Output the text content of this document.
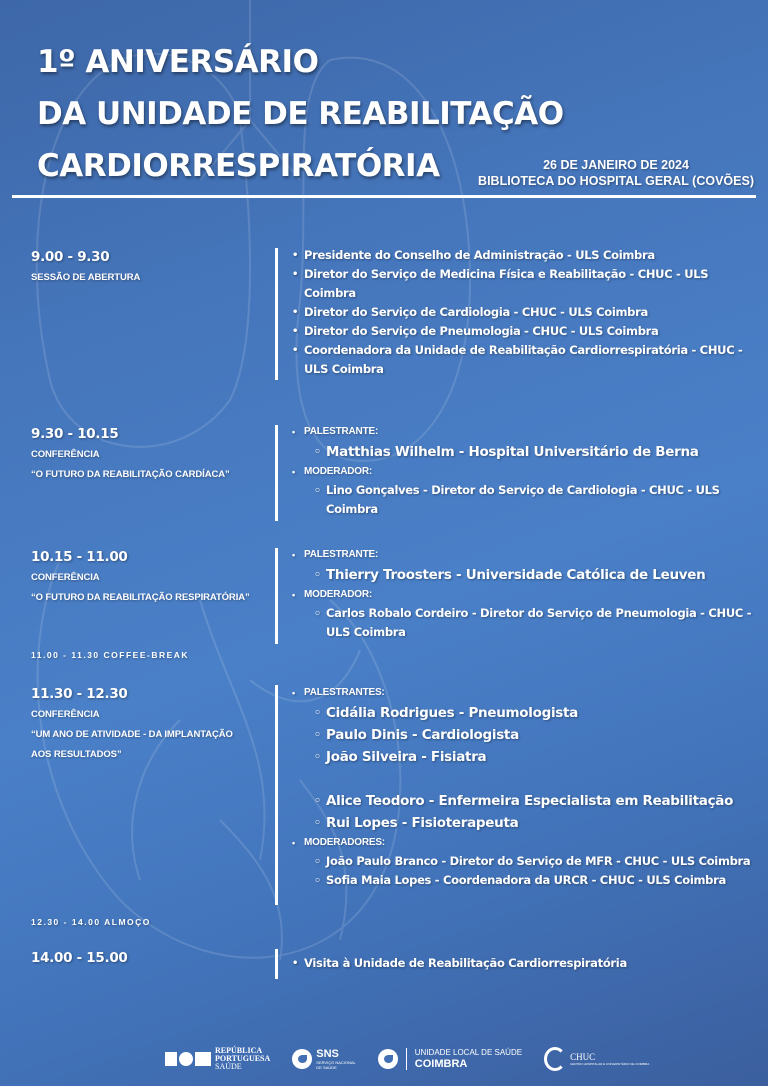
1º ANIVERSÁRIO
DA UNIDADE DE REABILITAÇÃO
CARDIORRESPIRATÓRIA	26 DE JANEIRO DE 2024
BIBLIOTECA DO HOSPITAL GERAL (COVÕES)
9.00 - 9.30
SESSÃO DE ABERTURA
• Presidente do Conselho de Administração - ULS Coimbra
• Diretor do Serviço de Medicina Física e Reabilitação - CHUC - ULS Coimbra
• Diretor do Serviço de Cardiologia - CHUC - ULS Coimbra
• Diretor do Serviço de Pneumologia - CHUC - ULS Coimbra
• Coordenadora da Unidade de Reabilitação Cardiorrespiratória - CHUC - ULS Coimbra
9.30 - 10.15
CONFERÊNCIA
“O FUTURO DA REABILITAÇÃO CARDÍACA”
• PALESTRANTE:
◦ Matthias Wilhelm - Hospital Universitário de Berna
• MODERADOR:
◦ Lino Gonçalves - Diretor do Serviço de Cardiologia - CHUC - ULS Coimbra
10.15 - 11.00
CONFERÊNCIA
“O FUTURO DA REABILITAÇÃO RESPIRATÓRIA”
• PALESTRANTE:
◦ Thierry Troosters - Universidade Católica de Leuven
• MODERADOR:
◦ Carlos Robalo Cordeiro - Diretor do Serviço de Pneumologia - CHUC - ULS Coimbra
11.00 - 11.30 COFFEE-BREAK
11.30 - 12.30
CONFERÊNCIA
“UM ANO DE ATIVIDADE - DA IMPLANTAÇÃO
AOS RESULTADOS”
• PALESTRANTES:
◦ Cidália Rodrigues - Pneumologista
◦ Paulo Dinis - Cardiologista
◦ João Silveira - Fisiatra
◦ Alice Teodoro - Enfermeira Especialista em Reabilitação
◦ Rui Lopes - Fisioterapeuta
• MODERADORES:
◦ João Paulo Branco - Diretor do Serviço de MFR - CHUC - ULS Coimbra
◦ Sofia Maia Lopes - Coordenadora da URCR - CHUC - ULS Coimbra
12.30 - 14.00 ALMOÇO
14.00 - 15.00	• Visita à Unidade de Reabilitação Cardiorrespiratória
REPÚBLICA
PORTUGUESA
SAÚDE
SNS
SERVIÇO NACIONAL
DE SAÚDE
UNIDADE LOCAL DE SAÚDE
COIMBRA
CHUC
CENTRO HOSPITALAR E UNIVERSITÁRIO DE COIMBRA
